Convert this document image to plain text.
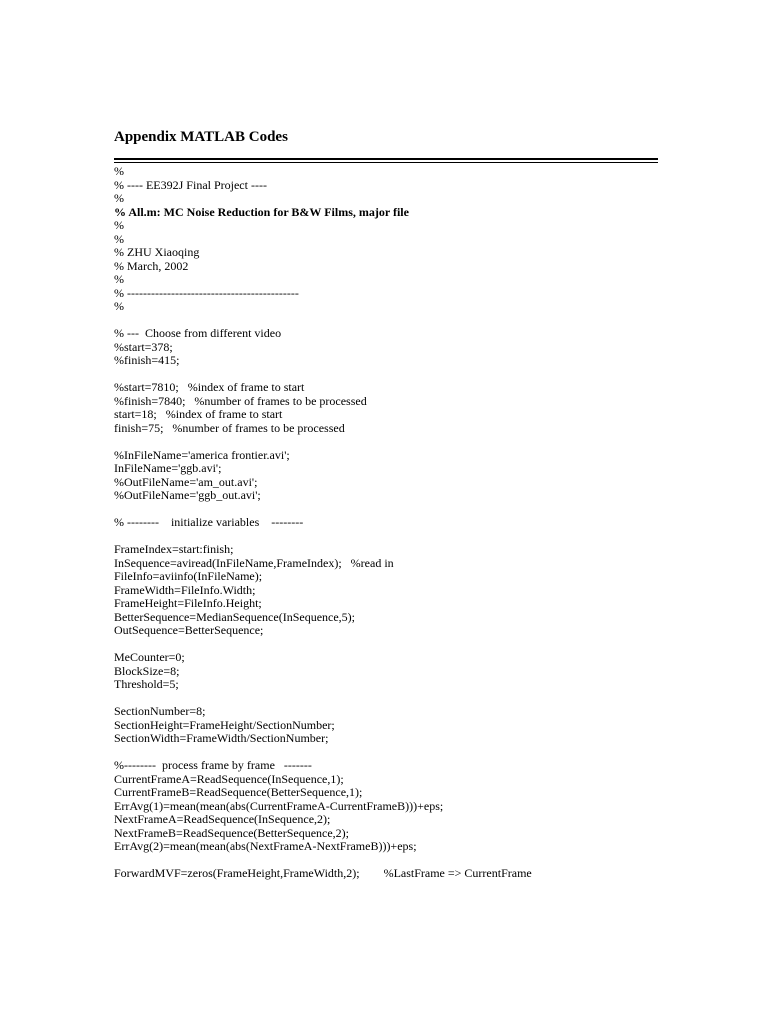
Appendix MATLAB Codes
%
% ---- EE392J Final Project ----
%
% All.m: MC Noise Reduction for B&W Films, major file
%
%
% ZHU Xiaoqing
% March, 2002
%
% -------------------------------------------
%
% ---  Choose from different video
%start=378;
%finish=415;
%start=7810;   %index of frame to start
%finish=7840;   %number of frames to be processed
start=18;   %index of frame to start
finish=75;   %number of frames to be processed
%InFileName='america frontier.avi';
InFileName='ggb.avi';
%OutFileName='am_out.avi';
%OutFileName='ggb_out.avi';
% --------    initialize variables    --------
FrameIndex=start:finish;
InSequence=aviread(InFileName,FrameIndex);   %read in
FileInfo=aviinfo(InFileName);
FrameWidth=FileInfo.Width;
FrameHeight=FileInfo.Height;
BetterSequence=MedianSequence(InSequence,5);
OutSequence=BetterSequence;
MeCounter=0;
BlockSize=8;
Threshold=5;
SectionNumber=8;
SectionHeight=FrameHeight/SectionNumber;
SectionWidth=FrameWidth/SectionNumber;
%--------  process frame by frame   -------
CurrentFrameA=ReadSequence(InSequence,1);
CurrentFrameB=ReadSequence(BetterSequence,1);
ErrAvg(1)=mean(mean(abs(CurrentFrameA-CurrentFrameB)))+eps;
NextFrameA=ReadSequence(InSequence,2);
NextFrameB=ReadSequence(BetterSequence,2);
ErrAvg(2)=mean(mean(abs(NextFrameA-NextFrameB)))+eps;
ForwardMVF=zeros(FrameHeight,FrameWidth,2);        %LastFrame => CurrentFrame
